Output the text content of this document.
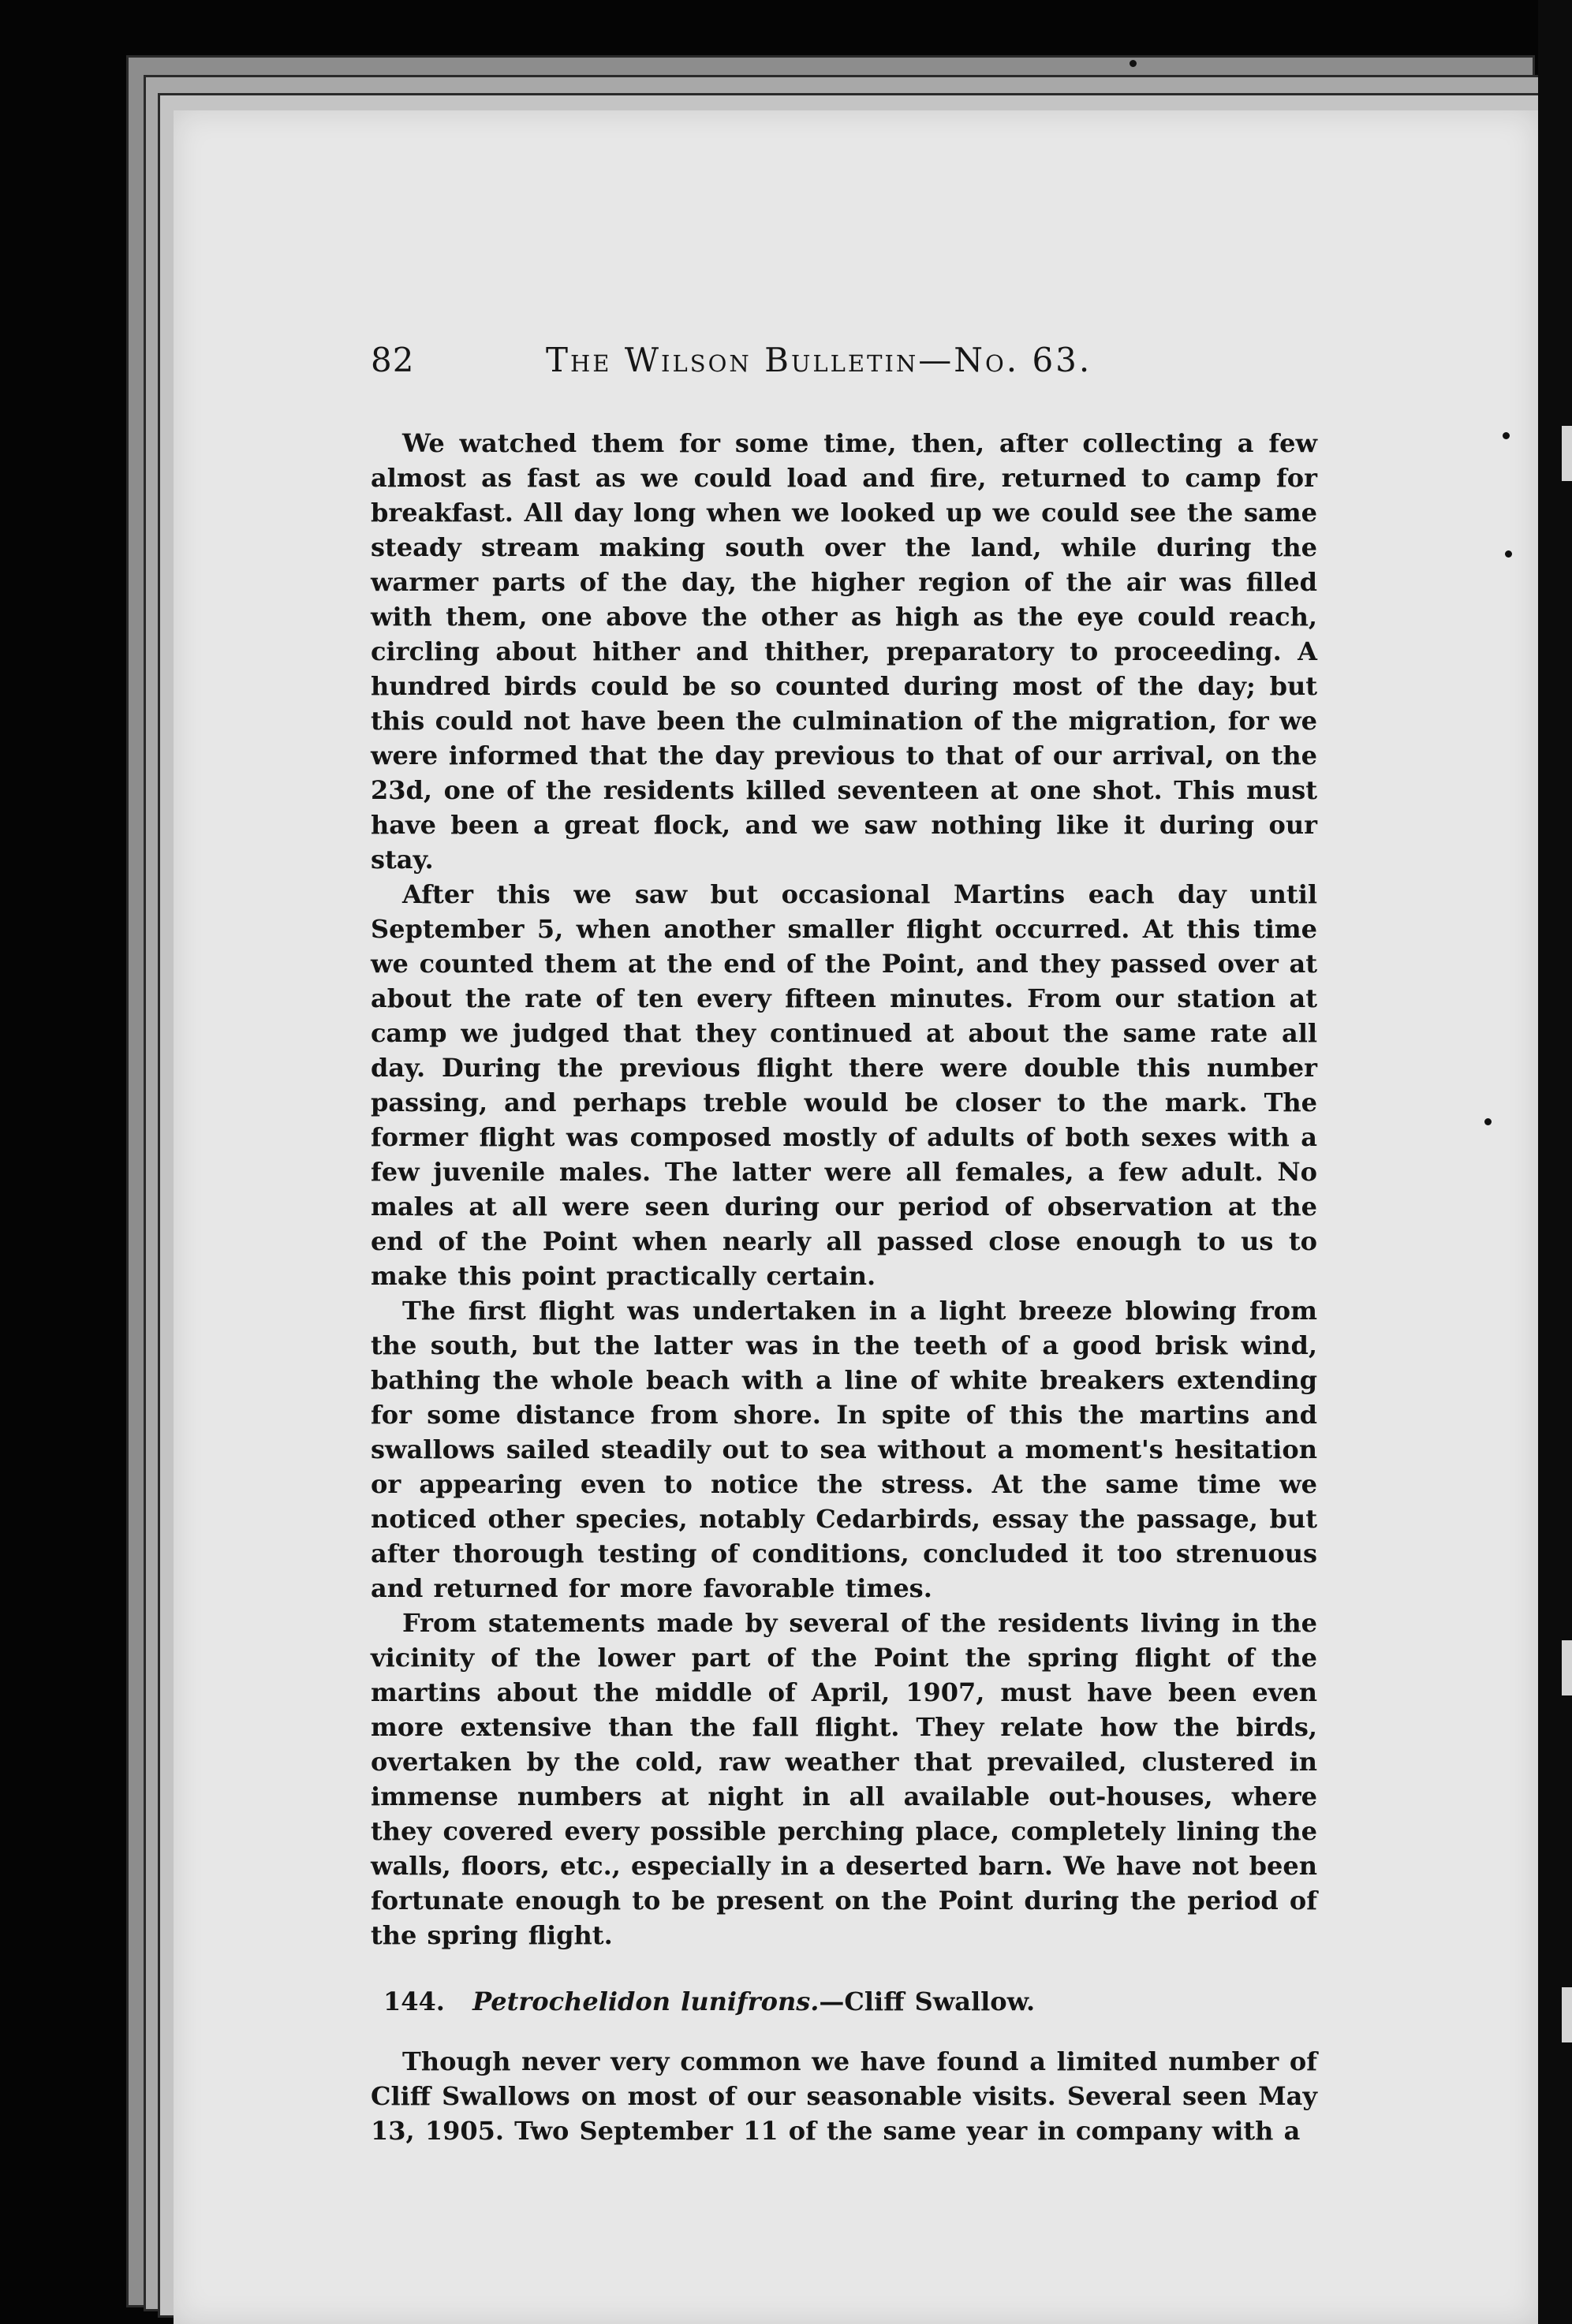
82	The Wilson Bulletin—No. 63.

We watched them for some time, then, after collecting a few almost as fast as we could load and fire, returned to camp for breakfast. All day long when we looked up we could see the same steady stream making south over the land, while during the warmer parts of the day, the higher region of the air was filled with them, one above the other as high as the eye could reach, circling about hither and thither, preparatory to proceeding. A hundred birds could be so counted during most of the day; but this could not have been the culmination of the migration, for we were informed that the day previous to that of our arrival, on the 23d, one of the residents killed seventeen at one shot. This must have been a great flock, and we saw nothing like it during our stay.

After this we saw but occasional Martins each day until September 5, when another smaller flight occurred. At this time we counted them at the end of the Point, and they passed over at about the rate of ten every fifteen minutes. From our station at camp we judged that they continued at about the same rate all day. During the previous flight there were double this number passing, and perhaps treble would be closer to the mark. The former flight was composed mostly of adults of both sexes with a few juvenile males. The latter were all females, a few adult. No males at all were seen during our period of observation at the end of the Point when nearly all passed close enough to us to make this point practically certain.

The first flight was undertaken in a light breeze blowing from the south, but the latter was in the teeth of a good brisk wind, bathing the whole beach with a line of white breakers extending for some distance from shore. In spite of this the martins and swallows sailed steadily out to sea without a moment's hesitation or appearing even to notice the stress. At the same time we noticed other species, notably Cedarbirds, essay the passage, but after thorough testing of conditions, concluded it too strenuous and returned for more favorable times.

From statements made by several of the residents living in the vicinity of the lower part of the Point the spring flight of the martins about the middle of April, 1907, must have been even more extensive than the fall flight. They relate how the birds, overtaken by the cold, raw weather that prevailed, clustered in immense numbers at night in all available out-houses, where they covered every possible perching place, completely lining the walls, floors, etc., especially in a deserted barn. We have not been fortunate enough to be present on the Point during the period of the spring flight.

144. Petrochelidon lunifrons.—Cliff Swallow.

Though never very common we have found a limited number of Cliff Swallows on most of our seasonable visits. Several seen May 13, 1905. Two September 11 of the same year in company with a
